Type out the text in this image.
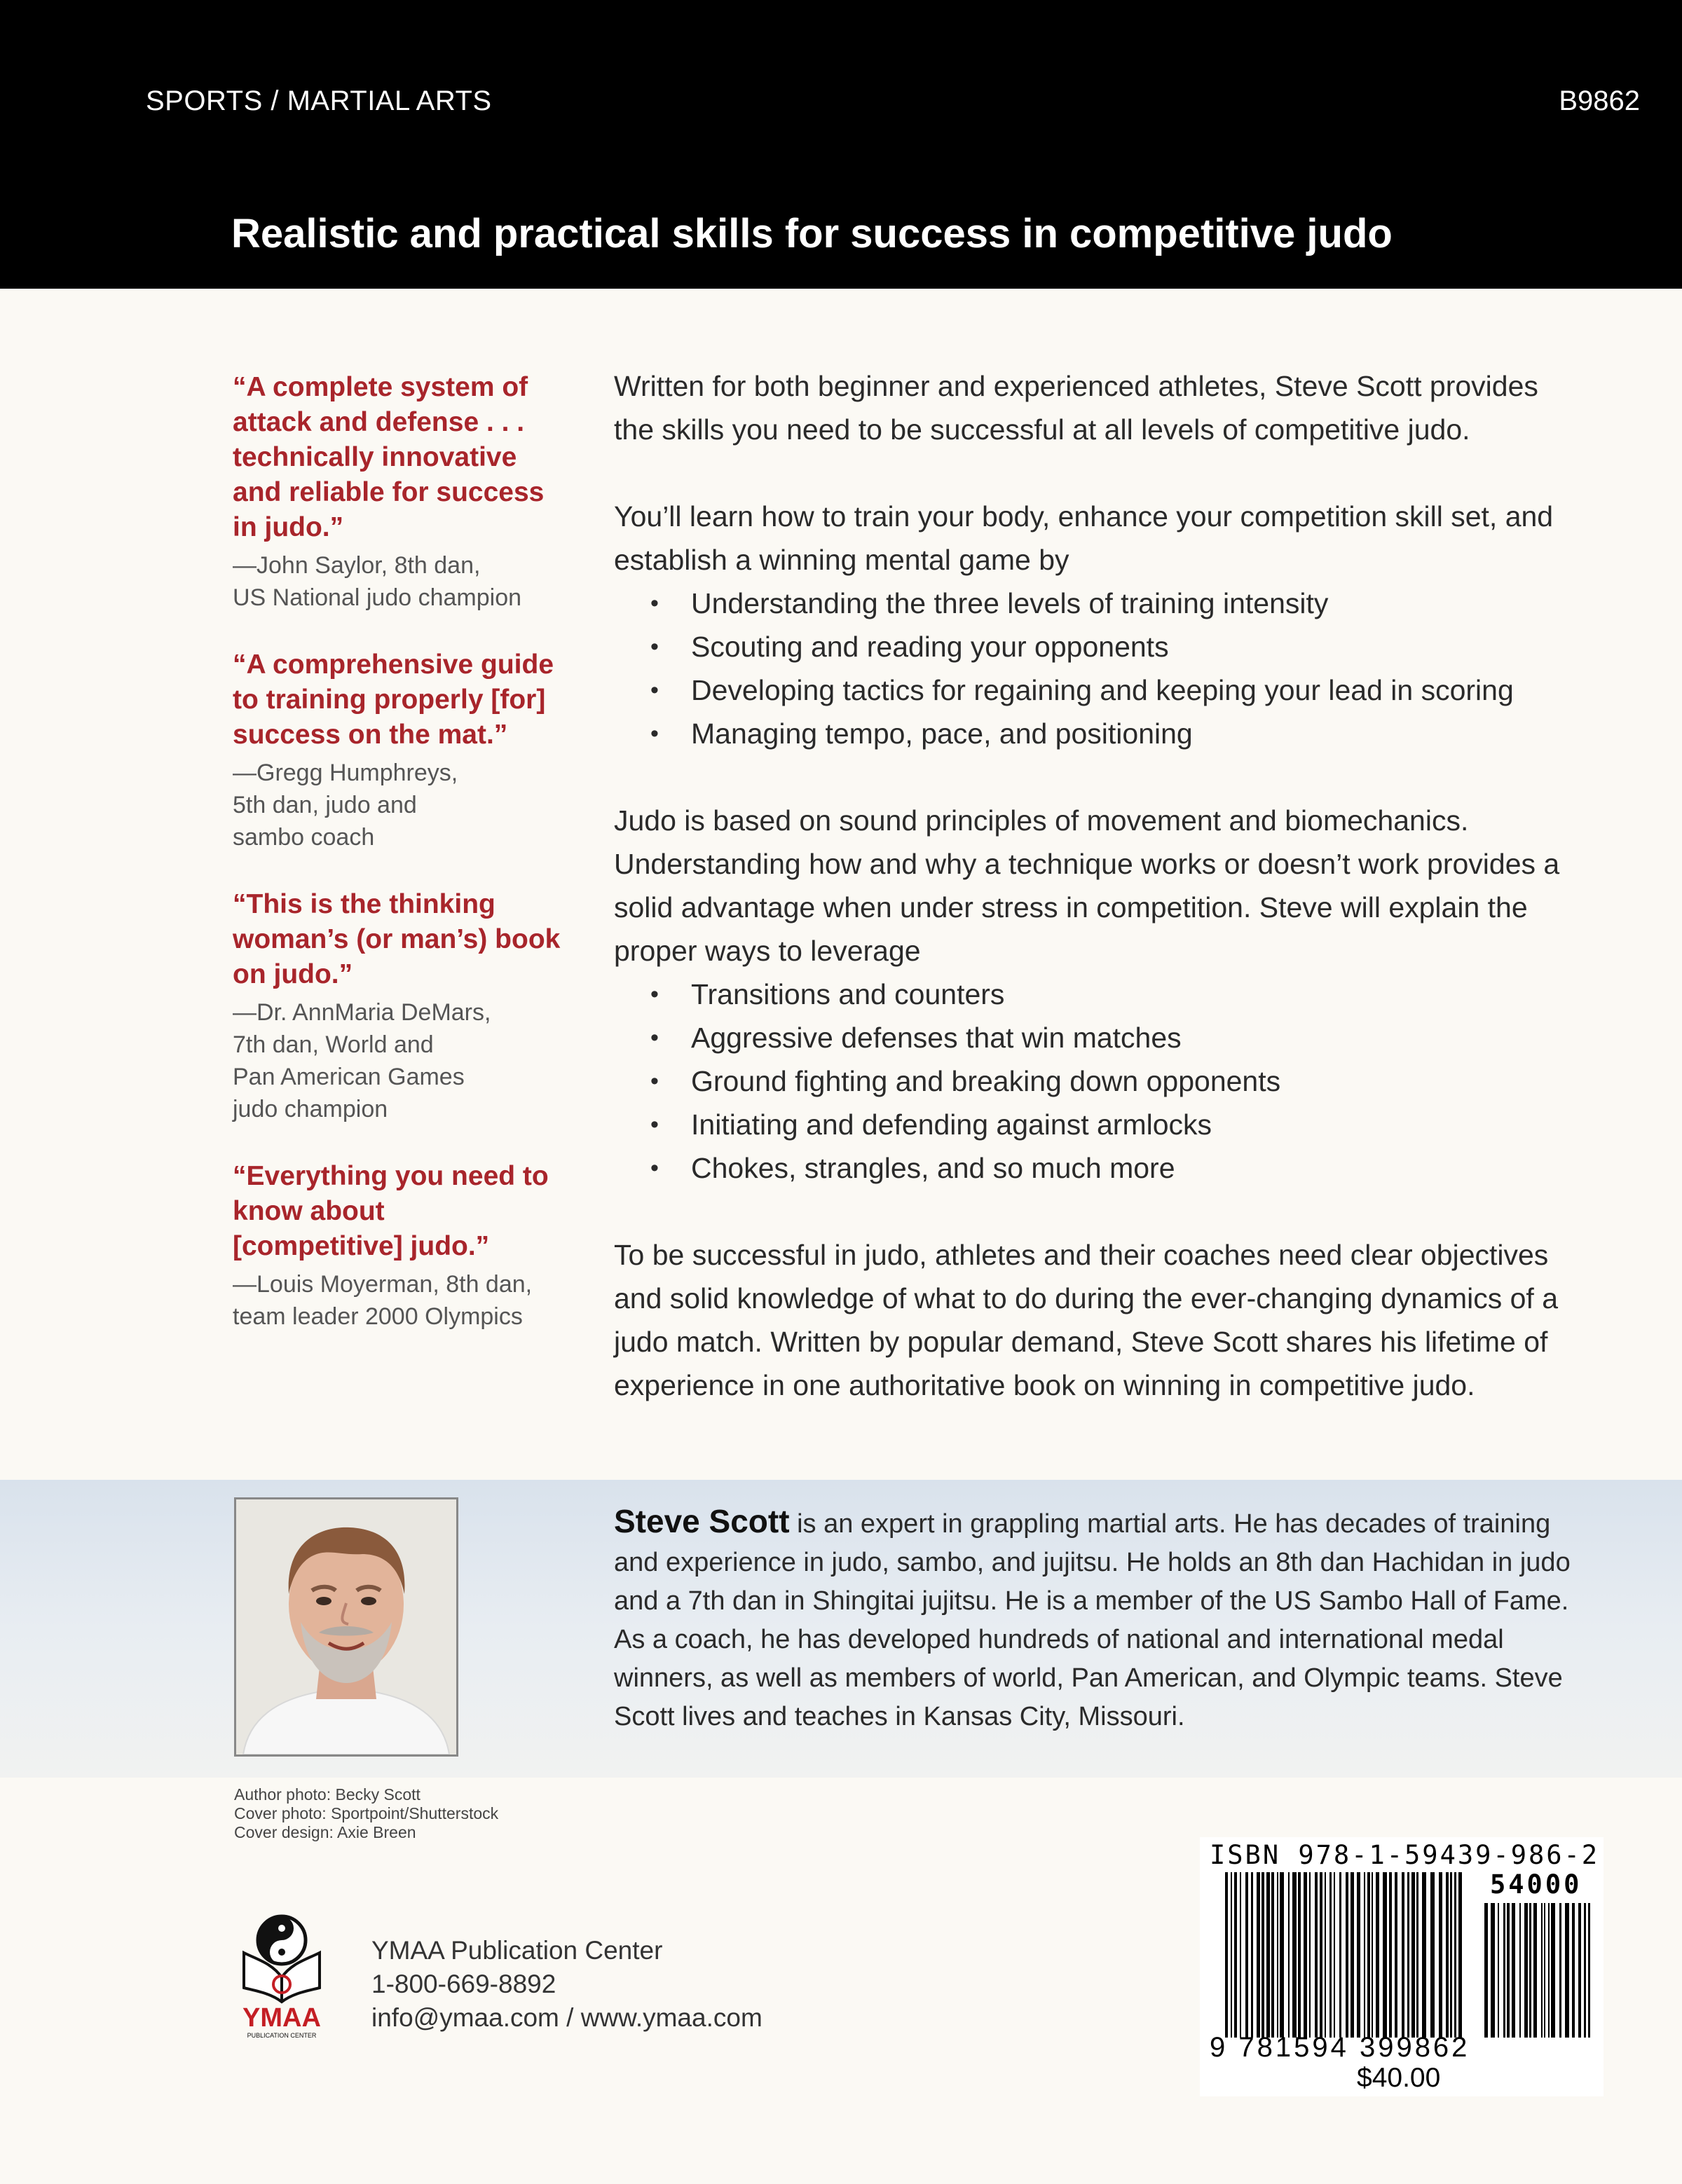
SPORTS / MARTIAL ARTS	B9862
Realistic and practical skills for success in competitive judo
“A complete system of attack and defense . . . technically innovative and reliable for success in judo.”
—John Saylor, 8th dan,
US National judo champion
“A comprehensive guide to training properly [for] success on the mat.”
—Gregg Humphreys,
5th dan, judo and
sambo coach
“This is the thinking woman’s (or man’s) book on judo.”
—Dr. AnnMaria DeMars,
7th dan, World and
Pan American Games
judo champion
“Everything you need to know about [competitive] judo.”
—Louis Moyerman, 8th dan,
team leader 2000 Olympics

Written for both beginner and experienced athletes, Steve Scott provides the skills you need to be successful at all levels of competitive judo.

You’ll learn how to train your body, enhance your competition skill set, and establish a winning mental game by

• Understanding the three levels of training intensity
• Scouting and reading your opponents
• Developing tactics for regaining and keeping your lead in scoring
• Managing tempo, pace, and positioning

Judo is based on sound principles of movement and biomechanics. Understanding how and why a technique works or doesn’t work provides a solid advantage when under stress in competition. Steve will explain the proper ways to leverage

• Transitions and counters
• Aggressive defenses that win matches
• Ground fighting and breaking down opponents
• Initiating and defending against armlocks
• Chokes, strangles, and so much more

To be successful in judo, athletes and their coaches need clear objectives and solid knowledge of what to do during the ever-changing dynamics of a judo match. Written by popular demand, Steve Scott shares his lifetime of experience in one authoritative book on winning in competitive judo.

Steve Scott is an expert in grappling martial arts. He has decades of training and experience in judo, sambo, and jujitsu. He holds an 8th dan Hachidan in judo and a 7th dan in Shingitai jujitsu. He is a member of the US Sambo Hall of Fame. As a coach, he has developed hundreds of national and international medal winners, as well as members of world, Pan American, and Olympic teams. Steve Scott lives and teaches in Kansas City, Missouri.
Author photo: Becky Scott
Cover photo: Sportpoint/Shutterstock
Cover design: Axie Breen
YMAA
PUBLICATION CENTER
YMAA Publication Center
1-800-669-8892
info@ymaa.com / www.ymaa.com
ISBN 978-1-59439-986-2
54000
9 781594 399862
$40.00
